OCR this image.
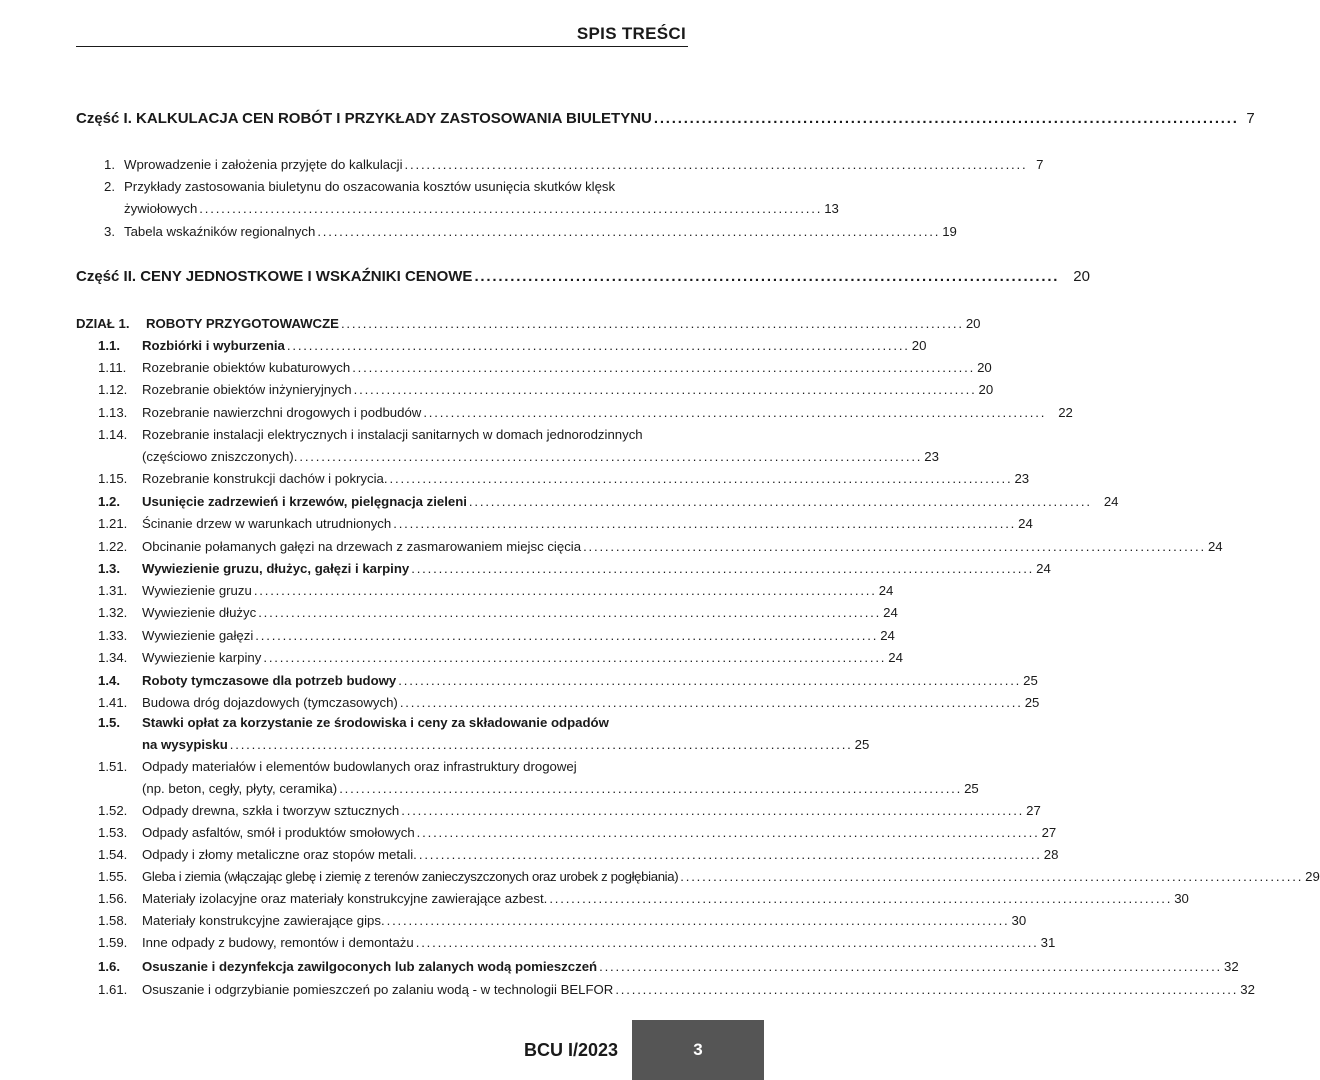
SPIS TREŚCI
Część I. KALKULACJA CEN ROBÓT I PRZYKŁADY ZASTOSOWANIA BIULETYNU .................................................................................................. 7
1. Wprowadzenie i założenia przyjęte do kalkulacji .................................................................................................................. 7
2. Przykłady zastosowania biuletynu do oszacowania kosztów usunięcia skutków klęsk
żywiołowych .................................................................................................................. 13
3. Tabela wskaźników regionalnych .................................................................................................................. 19
Część II. CENY JEDNOSTKOWE I WSKAŹNIKI CENOWE .................................................................................................. 20
DZIAŁ 1. ROBOTY PRZYGOTOWAWCZE .................................................................................................................. 20
1.1. Rozbiórki i wyburzenia .................................................................................................................. 20
1.11. Rozebranie obiektów kubaturowych .................................................................................................................. 20
1.12. Rozebranie obiektów inżynieryjnych .................................................................................................................. 20
1.13. Rozebranie nawierzchni drogowych i podbudów .................................................................................................................. 22
1.14. Rozebranie instalacji elektrycznych i instalacji sanitarnych w domach jednorodzinnych
(częściowo zniszczonych). .................................................................................................................. 23
1.15. Rozebranie konstrukcji dachów i pokrycia. .................................................................................................................. 23
1.2. Usunięcie zadrzewień i krzewów, pielęgnacja zieleni .................................................................................................................. 24
1.21. Ścinanie drzew w warunkach utrudnionych .................................................................................................................. 24
1.22. Obcinanie połamanych gałęzi na drzewach z zasmarowaniem miejsc cięcia .................................................................................................................. 24
1.3. Wywiezienie gruzu, dłużyc, gałęzi i karpiny .................................................................................................................. 24
1.31. Wywiezienie gruzu .................................................................................................................. 24
1.32. Wywiezienie dłużyc .................................................................................................................. 24
1.33. Wywiezienie gałęzi .................................................................................................................. 24
1.34. Wywiezienie karpiny .................................................................................................................. 24
1.4. Roboty tymczasowe dla potrzeb budowy .................................................................................................................. 25
1.41. Budowa dróg dojazdowych (tymczasowych) .................................................................................................................. 25
1.5. Stawki opłat za korzystanie ze środowiska i ceny za składowanie odpadów
na wysypisku .................................................................................................................. 25
1.51. Odpady materiałów i elementów budowlanych oraz infrastruktury drogowej
(np. beton, cegły, płyty, ceramika) .................................................................................................................. 25
1.52. Odpady drewna, szkła i tworzyw sztucznych .................................................................................................................. 27
1.53. Odpady asfaltów, smół i produktów smołowych .................................................................................................................. 27
1.54. Odpady i złomy metaliczne oraz stopów metali. .................................................................................................................. 28
1.55. Gleba i ziemia (włączając glebę i ziemię z terenów zanieczyszczonych oraz urobek z pogłębiania) .................................................................................................................. 29
1.56. Materiały izolacyjne oraz materiały konstrukcyjne zawierające azbest. .................................................................................................................. 30
1.58. Materiały konstrukcyjne zawierające gips. .................................................................................................................. 30
1.59. Inne odpady z budowy, remontów i demontażu .................................................................................................................. 31
1.6. Osuszanie i dezynfekcja zawilgoconych lub zalanych wodą pomieszczeń .................................................................................................................. 32
1.61. Osuszanie i odgrzybianie pomieszczeń po zalaniu wodą - w technologii BELFOR .................................................................................................................. 32
BCU I/2023	3
